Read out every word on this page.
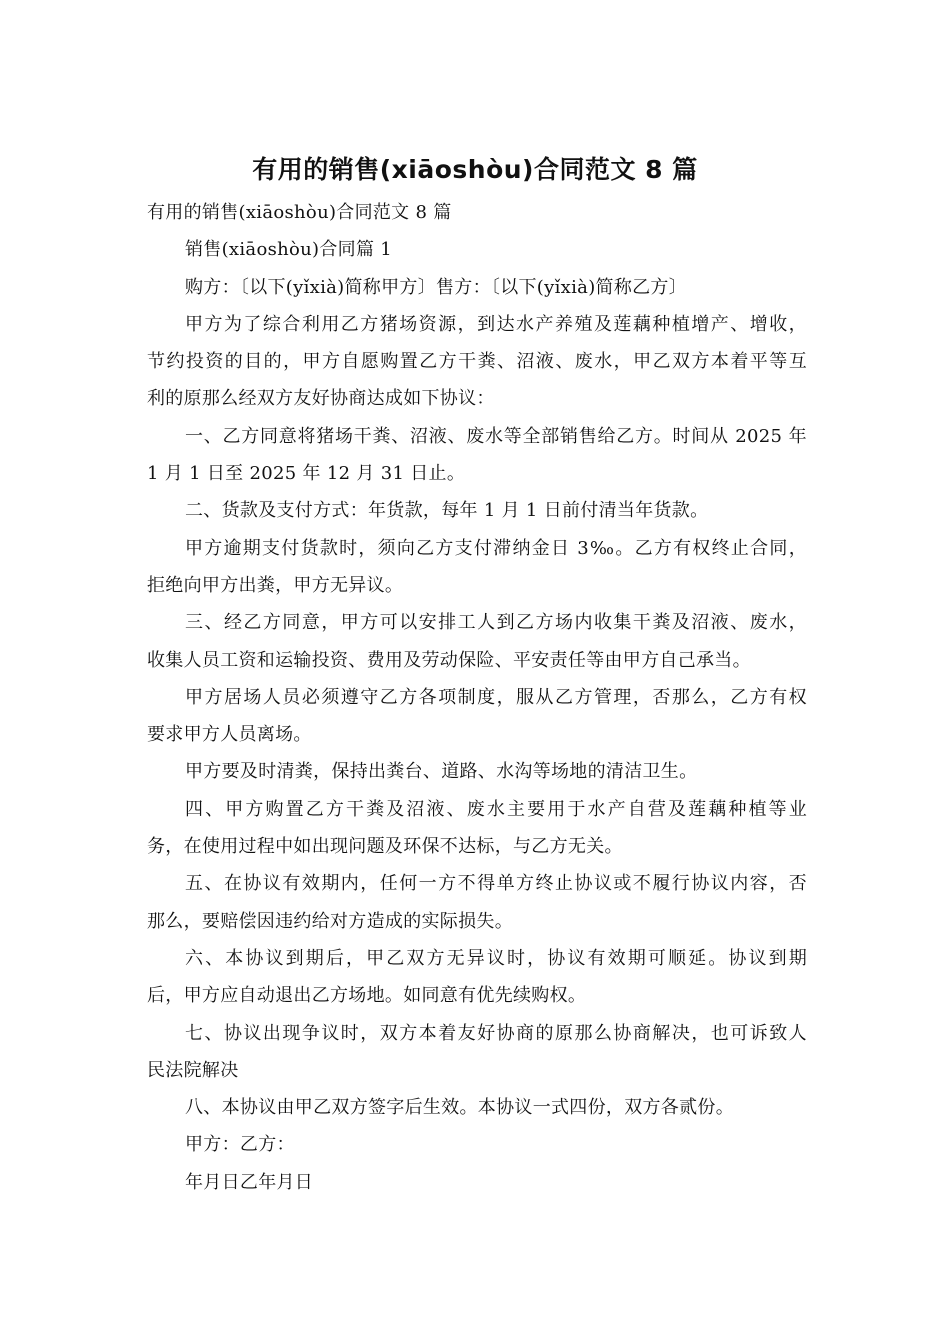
有用的销售(xiāoshòu)合同范文 8 篇

有用的销售(xiāoshòu)合同范文 8 篇

销售(xiāoshòu)合同篇 1

购方：〔以下(yǐxià)简称甲方〕售方：〔以下(yǐxià)简称乙方〕

甲方为了综合利用乙方猪场资源，到达水产养殖及莲藕种植增产、增收，

节约投资的目的，甲方自愿购置乙方干粪、沼液、废水，甲乙双方本着平等互

利的原那么经双方友好协商达成如下协议：

一、乙方同意将猪场干粪、沼液、废水等全部销售给乙方。时间从 2025 年

1 月 1 日至 2025 年 12 月 31 日止。

二、货款及支付方式：年货款，每年 1 月 1 日前付清当年货款。

甲方逾期支付货款时，须向乙方支付滞纳金日 3‰。乙方有权终止合同，

拒绝向甲方出粪，甲方无异议。

三、经乙方同意，甲方可以安排工人到乙方场内收集干粪及沼液、废水，

收集人员工资和运输投资、费用及劳动保险、平安责任等由甲方自己承当。

甲方居场人员必须遵守乙方各项制度，服从乙方管理，否那么，乙方有权

要求甲方人员离场。

甲方要及时清粪，保持出粪台、道路、水沟等场地的清洁卫生。

四、甲方购置乙方干粪及沼液、废水主要用于水产自营及莲藕种植等业

务，在使用过程中如出现问题及环保不达标，与乙方无关。

五、在协议有效期内，任何一方不得单方终止协议或不履行协议内容，否

那么，要赔偿因违约给对方造成的实际损失。

六、本协议到期后，甲乙双方无异议时，协议有效期可顺延。协议到期

后，甲方应自动退出乙方场地。如同意有优先续购权。

七、协议出现争议时，双方本着友好协商的原那么协商解决，也可诉致人

民法院解决

八、本协议由甲乙双方签字后生效。本协议一式四份，双方各贰份。

甲方：乙方：

年月日乙年月日
